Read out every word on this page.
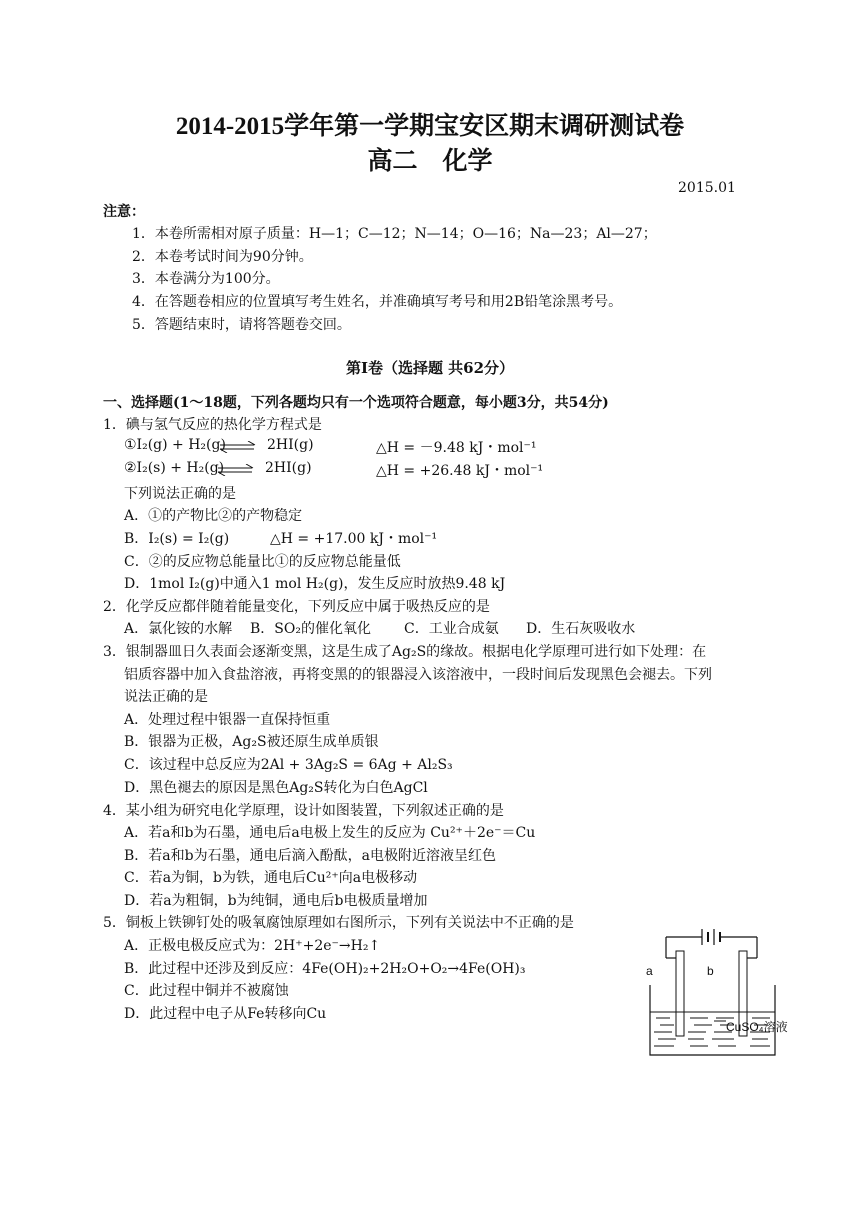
2014-2015学年第一学期宝安区期末调研测试卷
高二　化学
2015.01
注意：
1．本卷所需相对原子质量：H—1；C—12；N—14；O—16；Na—23；Al—27；
2．本卷考试时间为90分钟。
3．本卷满分为100分。
4．在答题卷相应的位置填写考生姓名，并准确填写考号和用2B铅笔涂黑考号。
5．答题结束时，请将答题卷交回。
第Ⅰ卷（选择题 共62分）
一、选择题(1～18题，下列各题均只有一个选项符合题意，每小题3分，共54分)
1．碘与氢气反应的热化学方程式是
①I₂(g) + H₂(g) ⇌ 2HI(g)	△H = －9.48 kJ・mol⁻¹
②I₂(s) + H₂(g) ⇌ 2HI(g)	△H = +26.48 kJ・mol⁻¹
下列说法正确的是
A．①的产物比②的产物稳定
B．I₂(s) = I₂(g)	△H = +17.00 kJ・mol⁻¹
C．②的反应物总能量比①的反应物总能量低
D．1mol I₂(g)中通入1 mol H₂(g)，发生反应时放热9.48 kJ
2．化学反应都伴随着能量变化，下列反应中属于吸热反应的是
A．氯化铵的水解 B．SO₂的催化氧化 C．工业合成氨 D．生石灰吸收水
3．银制器皿日久表面会逐渐变黑，这是生成了Ag₂S的缘故。根据电化学原理可进行如下处理：在
铝质容器中加入食盐溶液，再将变黑的的银器浸入该溶液中，一段时间后发现黑色会褪去。下列
说法正确的是
A．处理过程中银器一直保持恒重
B．银器为正极，Ag₂S被还原生成单质银
C．该过程中总反应为2Al + 3Ag₂S = 6Ag + Al₂S₃
D．黑色褪去的原因是黑色Ag₂S转化为白色AgCl
4．某小组为研究电化学原理，设计如图装置，下列叙述正确的是
A．若a和b为石墨，通电后a电极上发生的反应为 Cu²⁺＋2e⁻＝Cu
B．若a和b为石墨，通电后滴入酚酞，a电极附近溶液呈红色
C．若a为铜，b为铁，通电后Cu²⁺向a电极移动
D．若a为粗铜，b为纯铜，通电后b电极质量增加
5．铜板上铁铆钉处的吸氧腐蚀原理如右图所示，下列有关说法中不正确的是
A．正极电极反应式为：2H⁺+2e⁻→H₂↑
B．此过程中还涉及到反应：4Fe(OH)₂+2H₂O+O₂→4Fe(OH)₃
C．此过程中铜并不被腐蚀
D．此过程中电子从Fe转移向Cu
a	b
CuSO₄溶液
